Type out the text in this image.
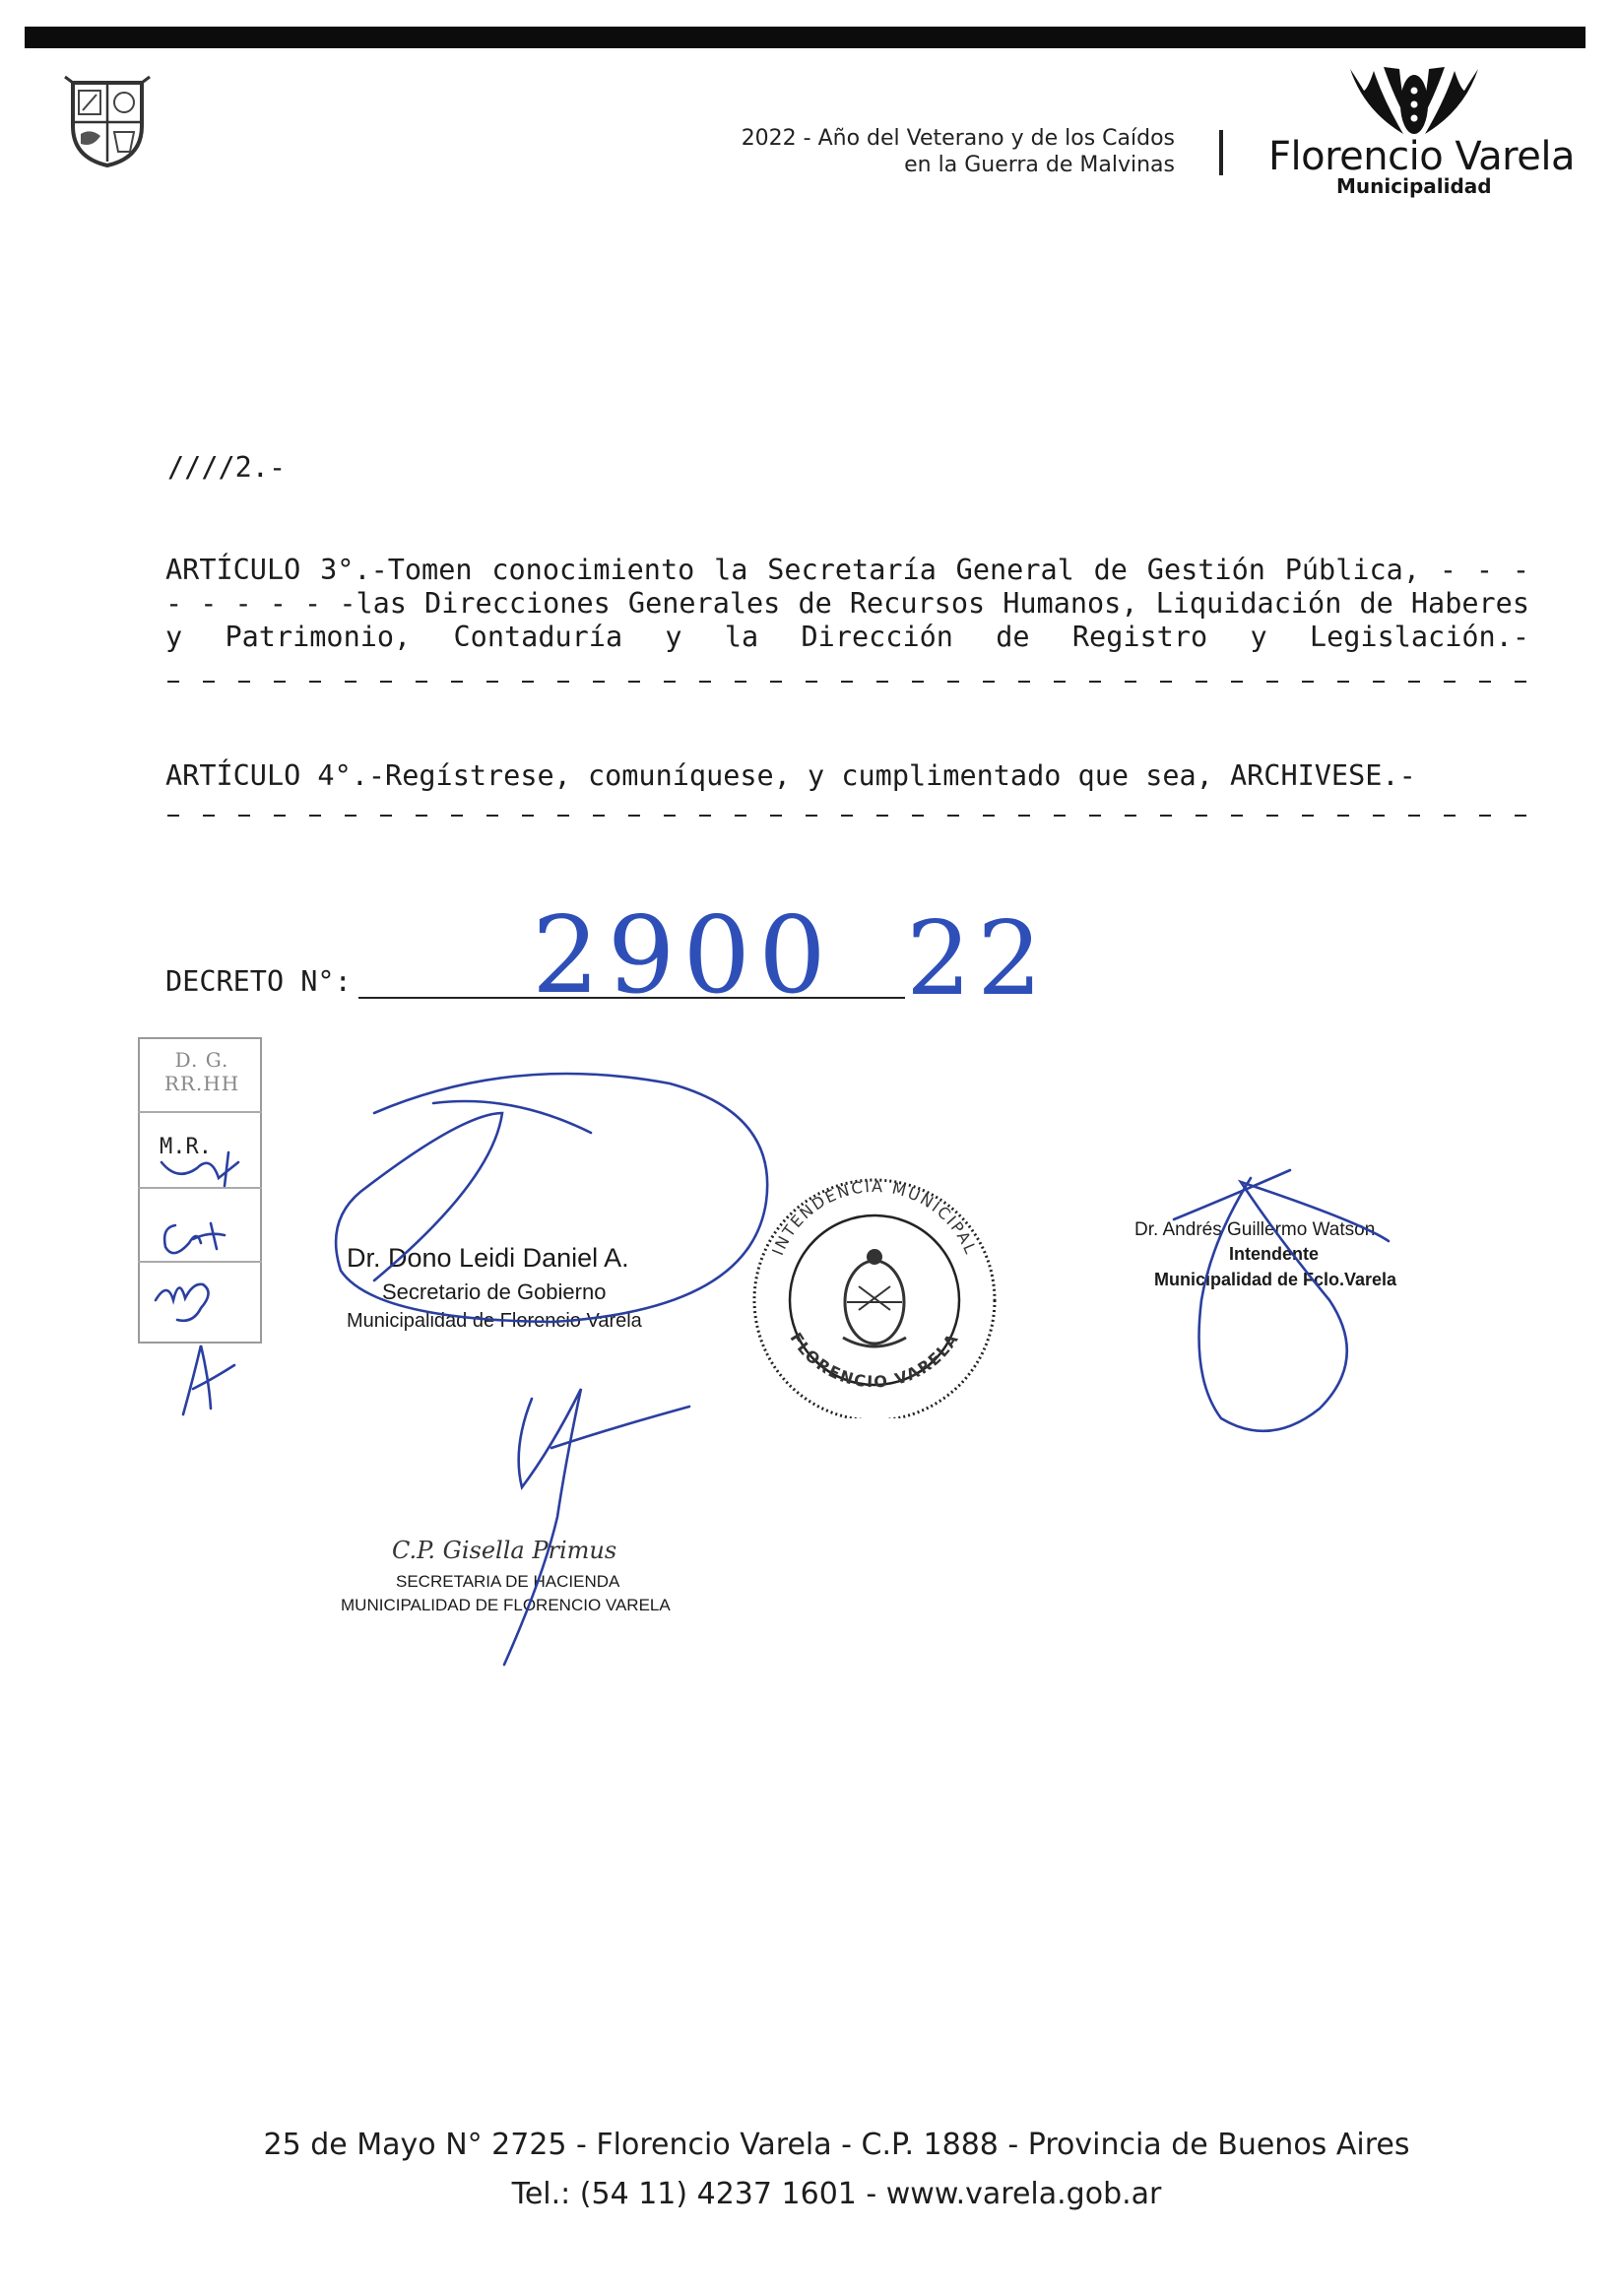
2022 - Año del Veterano y de los Caídos
en la Guerra de Malvinas Florencio Varela
Municipalidad
////2.-
ARTÍCULO 3°.-Tomen conocimiento la Secretaría General de Gestión Pública, - - - - - - - - -las Direcciones Generales de Recursos Humanos, Liquidación de Haberes y Patrimonio, Contaduría y la Dirección de Registro y Legislación.-
ARTÍCULO 4°.-Regístrese, comuníquese, y cumplimentado que sea, ARCHIVESE.-
DECRETO N°: 2900 22
D. G.
RR.HH
M.R.
INTENDENCIA MUNICIPAL
FLORENCIO VARELA
Dr. Dono Leidi Daniel A.
Secretario de Gobierno
Municipalidad de Florencio Varela
Dr. Andrés Guillermo Watson
Intendente
Municipalidad de Fclo.Varela
C.P. Gisella Primus
SECRETARIA DE HACIENDA
MUNICIPALIDAD DE FLORENCIO VARELA
25 de Mayo N° 2725 - Florencio Varela - C.P. 1888 - Provincia de Buenos Aires
Tel.: (54 11) 4237 1601 - www.varela.gob.ar
